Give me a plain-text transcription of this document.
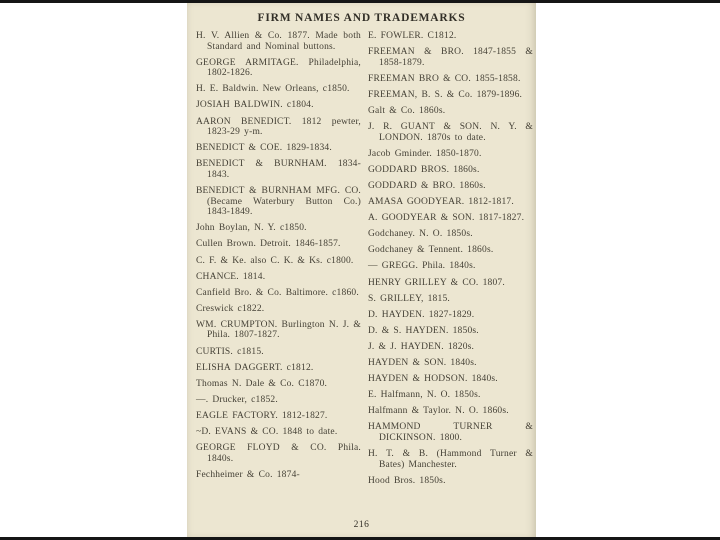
FIRM NAMES AND TRADEMARKS

H. V. Allien & Co. 1877. Made both Standard and Nominal buttons.

GEORGE ARMITAGE. Philadelphia, 1802-1826.

H. E. Baldwin. New Orleans, c1850.

JOSIAH BALDWIN. c1804.

AARON BENEDICT. 1812 pewter, 1823-29 y-m.

BENEDICT & COE. 1829-1834.

BENEDICT & BURNHAM. 1834-1843.

BENEDICT & BURNHAM MFG. CO. (Became Waterbury Button Co.) 1843-1849.

John Boylan, N. Y. c1850.

Cullen Brown. Detroit. 1846-1857.

C. F. & Ke. also C. K. & Ks. c1800.

CHANCE. 1814.

Canfield Bro. & Co. Baltimore. c1860.

Creswick c1822.

WM. CRUMPTON. Burlington N. J. & Phila. 1807-1827.

CURTIS. c1815.

ELISHA DAGGERT. c1812.

Thomas N. Dale & Co. C1870.

—. Drucker, c1852.

EAGLE FACTORY. 1812-1827.

~D. EVANS & CO. 1848 to date.

GEORGE FLOYD & CO. Phila. 1840s.

Fechheimer & Co. 1874-

E. FOWLER. C1812.

FREEMAN & BRO. 1847-1855 & 1858-1879.

FREEMAN BRO & CO. 1855-1858.

FREEMAN, B. S. & Co. 1879-1896.

Galt & Co. 1860s.

J. R. GUANT & SON. N. Y. & LONDON. 1870s to date.

Jacob Gminder. 1850-1870.

GODDARD BROS. 1860s.

GODDARD & BRO. 1860s.

AMASA GOODYEAR. 1812-1817.

A. GOODYEAR & SON. 1817-1827.

Godchaney. N. O. 1850s.

Godchaney & Tennent. 1860s.

— GREGG. Phila. 1840s.

HENRY GRILLEY & CO. 1807.

S. GRILLEY, 1815.

D. HAYDEN. 1827-1829.

D. & S. HAYDEN. 1850s.

J. & J. HAYDEN. 1820s.

HAYDEN & SON. 1840s.

HAYDEN & HODSON. 1840s.

E. Halfmann, N. O. 1850s.

Halfmann & Taylor. N. O. 1860s.

HAMMOND TURNER & DICKINSON. 1800.

H. T. & B. (Hammond Turner & Bates) Manchester.

Hood Bros. 1850s.

216
